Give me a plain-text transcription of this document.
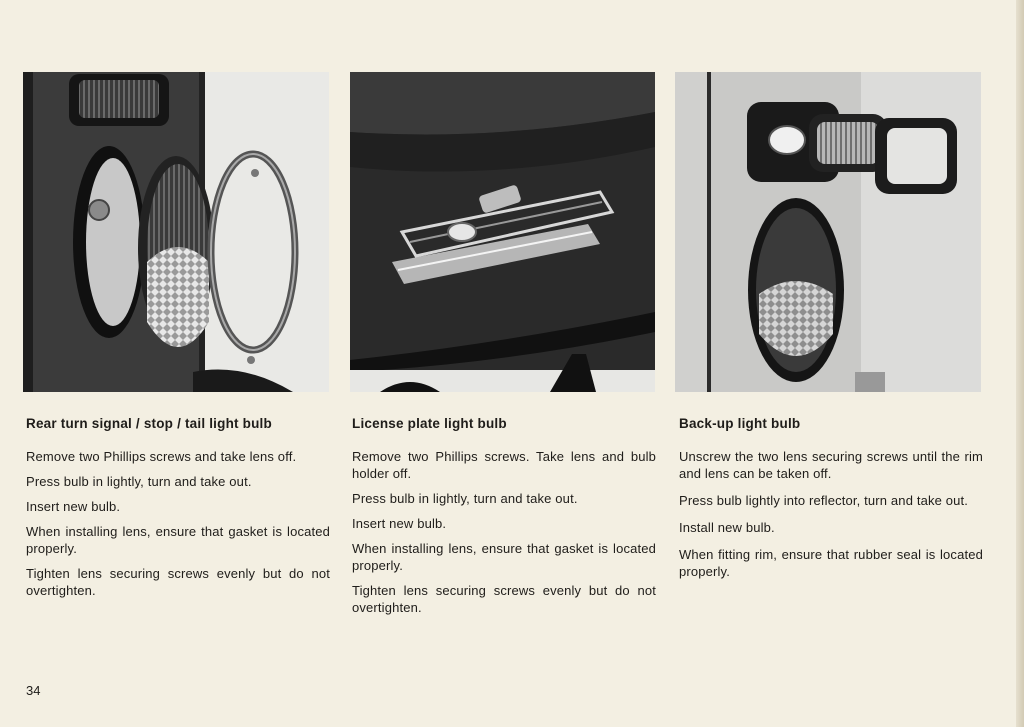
Rear turn signal / stop / tail light bulb

Remove two Phillips screws and take lens off.

Press bulb in lightly, turn and take out.

Insert new bulb.

When installing lens, ensure that gasket is located properly.

Tighten lens securing screws evenly but do not overtighten.

License plate light bulb

Remove two Phillips screws. Take lens and bulb holder off.

Press bulb in lightly, turn and take out.

Insert new bulb.

When installing lens, ensure that gasket is located properly.

Tighten lens securing screws evenly but do not overtighten.

Back-up light bulb

Unscrew the two lens securing screws until the rim and lens can be taken off.

Press bulb lightly into reflector, turn and take out.

Install new bulb.

When fitting rim, ensure that rubber seal is located properly.

34
